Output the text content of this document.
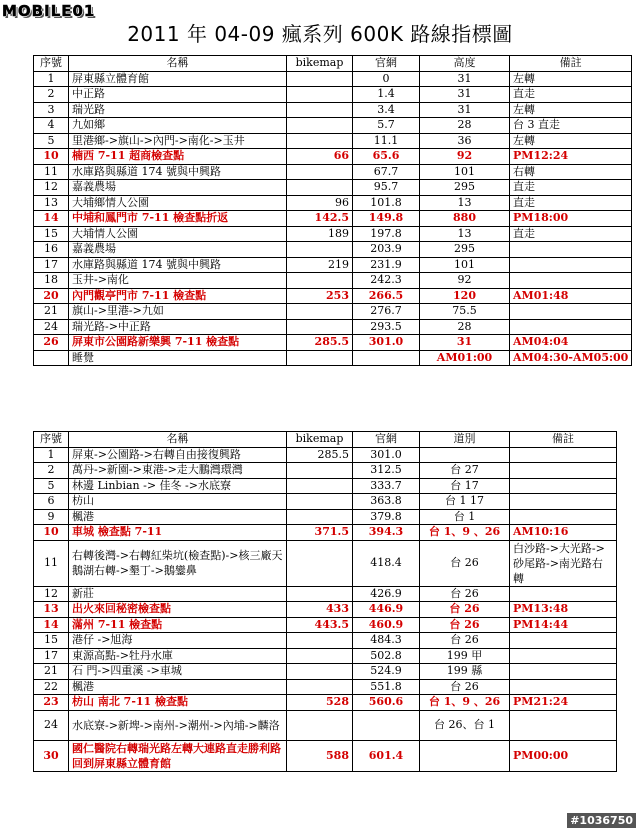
MOBILE01
2011 年 04-09 瘋系列 600K 路線指標圖
序號	名稱	bikemap	官網	高度	備註
1	屏東縣立體育館		0	31	左轉
2	中正路		1.4	31	直走
3	瑞光路		3.4	31	左轉
4	九如鄉		5.7	28	台 3 直走
5	里港鄉->旗山->內門->南化->玉井		11.1	36	左轉
10	楠西 7-11 超商檢查點	66	65.6	92	PM12:24
11	水庫路與縣道 174 號與中興路		67.7	101	右轉
12	嘉義農場		95.7	295	直走
13	大埔鄉情人公園	96	101.8	13	直走
14	中埔和鳳門市 7-11 檢查點折返	142.5	149.8	880	PM18:00
15	大埔情人公園	189	197.8	13	直走
16	嘉義農場		203.9	295	
17	水庫路與縣道 174 號與中興路	219	231.9	101	
18	玉井->南化		242.3	92	
20	內門觀亭門市 7-11 檢查點	253	266.5	120	AM01:48
21	旗山->里港->九如		276.7	75.5	
24	瑞光路->中正路		293.5	28	
26	屏東市公園路新樂興 7-11 檢查點	285.5	301.0	31	AM04:04
	睡覺			AM01:00	AM04:30-AM05:00
序號	名稱	bikemap	官網	道別	備註
1	屏東->公園路->右轉自由接復興路	285.5	301.0		
2	萬丹->新園->東港->走大鵬灣環灣		312.5	台 27	
5	林邊 Linbian -> 佳冬 ->水底寮		333.7	台 17	
6	枋山		363.8	台 1 17	
9	楓港		379.8	台 1	
10	車城 檢查點 7-11	371.5	394.3	台 1、9 、26	AM10:16
11	右轉後灣->右轉紅柴坑(檢查點)->核三廠天鵝湖右轉->墾丁->鵝鑾鼻		418.4	台 26	白沙路->大光路->砂尾路->南光路右轉
12	新莊		426.9	台 26	
13	出火來回秘密檢查點	433	446.9	台 26	PM13:48
14	滿州 7-11 檢查點	443.5	460.9	台 26	PM14:44
15	港仔 ->旭海		484.3	台 26	
17	東源高點->牡丹水庫		502.8	199 甲	
21	石 門->四重溪 ->車城		524.9	199 縣	
22	楓港		551.8	台 26	
23	枋山 南北 7-11 檢查點	528	560.6	台 1、9 、26	PM21:24
24	水底寮->新埤->南州->潮州->內埔->麟洛			台 26、台 1	
30	國仁醫院右轉瑞光路左轉大連路直走勝利路回到屏東縣立體育館	588	601.4		PM00:00
#1036750
